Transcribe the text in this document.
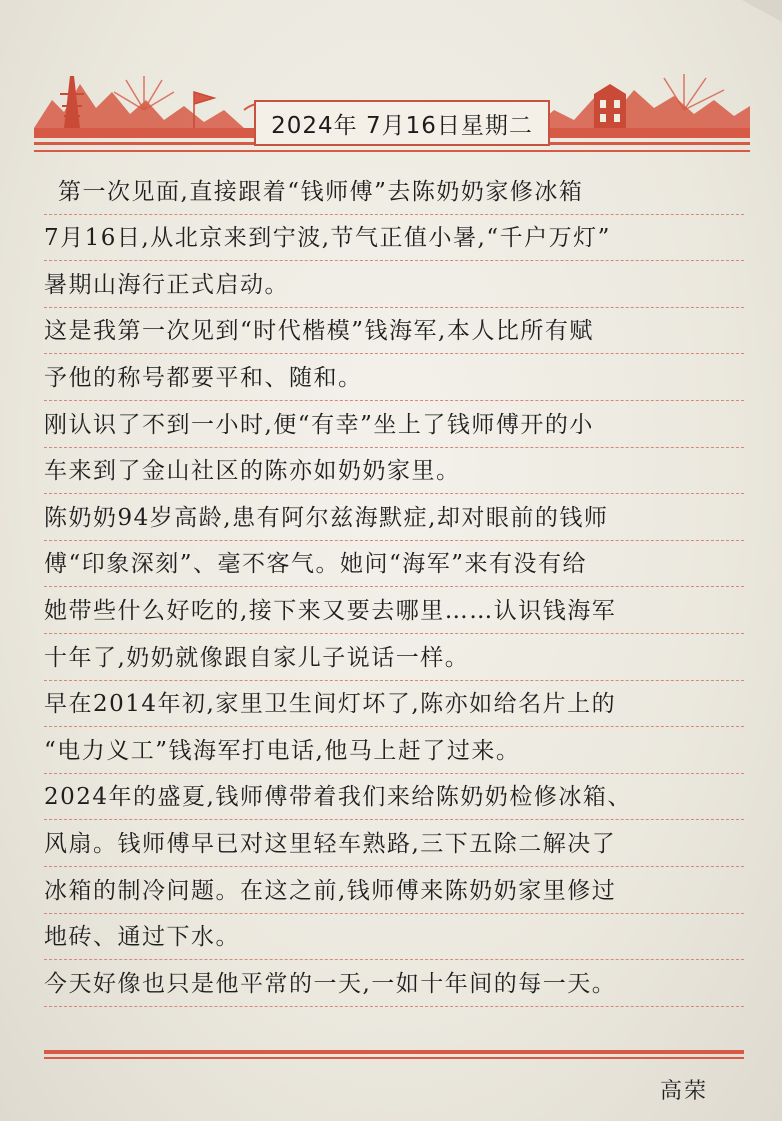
2024年 7月16日星期二
第一次见面,直接跟着“钱师傅”去陈奶奶家修冰箱
7月16日,从北京来到宁波,节气正值小暑,“千户万灯”
暑期山海行正式启动。
这是我第一次见到“时代楷模”钱海军,本人比所有赋
予他的称号都要平和、随和。
刚认识了不到一小时,便“有幸”坐上了钱师傅开的小
车来到了金山社区的陈亦如奶奶家里。
陈奶奶94岁高龄,患有阿尔兹海默症,却对眼前的钱师
傅“印象深刻”、毫不客气。她问“海军”来有没有给
她带些什么好吃的,接下来又要去哪里……认识钱海军
十年了,奶奶就像跟自家儿子说话一样。
早在2014年初,家里卫生间灯坏了,陈亦如给名片上的
“电力义工”钱海军打电话,他马上赶了过来。
2024年的盛夏,钱师傅带着我们来给陈奶奶检修冰箱、
风扇。钱师傅早已对这里轻车熟路,三下五除二解决了
冰箱的制冷问题。在这之前,钱师傅来陈奶奶家里修过
地砖、通过下水。
今天好像也只是他平常的一天,一如十年间的每一天。
高荣
